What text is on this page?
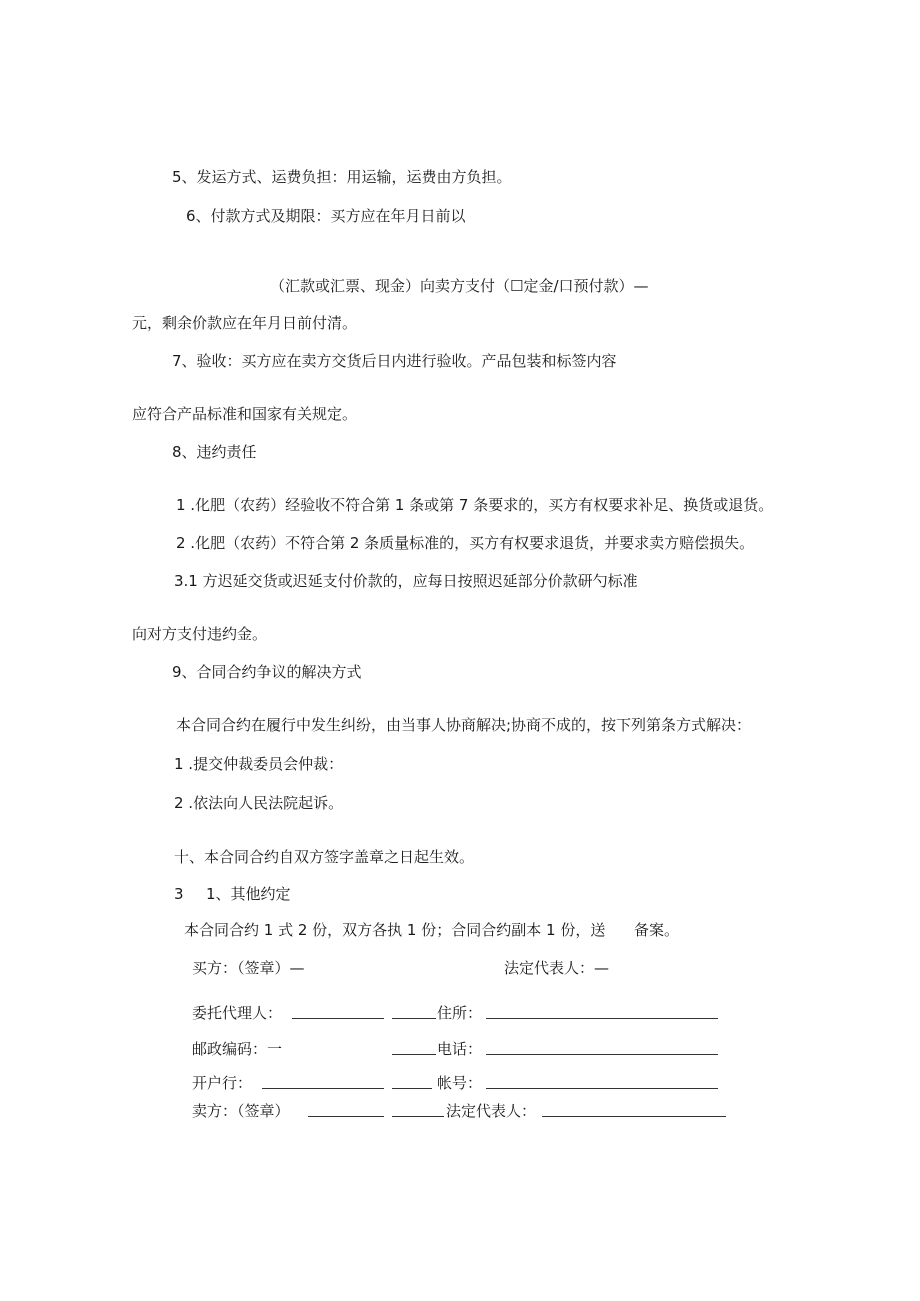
5、发运方式、运费负担：用运输，运费由方负担。
6、付款方式及期限：买方应在年月日前以
（汇款或汇票、现金）向卖方支付（☐定金/口预付款）—
元，剩余价款应在年月日前付清。
7、验收：买方应在卖方交货后日内进行验收。产品包装和标签内容
应符合产品标准和国家有关规定。
8、违约责任
1 .化肥（农药）经验收不符合第 1 条或第 7 条要求的，买方有权要求补足、换货或退货。
2 .化肥（农药）不符合第 2 条质量标准的，买方有权要求退货，并要求卖方赔偿损失。
3.1 方迟延交货或迟延支付价款的，应每日按照迟延部分价款研勺标准
向对方支付违约金。
9、合同合约争议的解决方式
本合同合约在履行中发生纠纷，由当事人协商解决;协商不成的，按下列第条方式解决：
1 .提交仲裁委员会仲裁：
2 .依法向人民法院起诉。
十、本合同合约自双方签字盖章之日起生效。
3 1、其他约定
本合同合约 1 式 2 份，双方各执 1 份；合同合约副本 1 份，送 备案。
买方：（签章）—	法定代表人：—
委托代理人：	住所：
邮政编码：一	电话：
开户行：	帐号：
卖方：（签章）	法定代表人：
